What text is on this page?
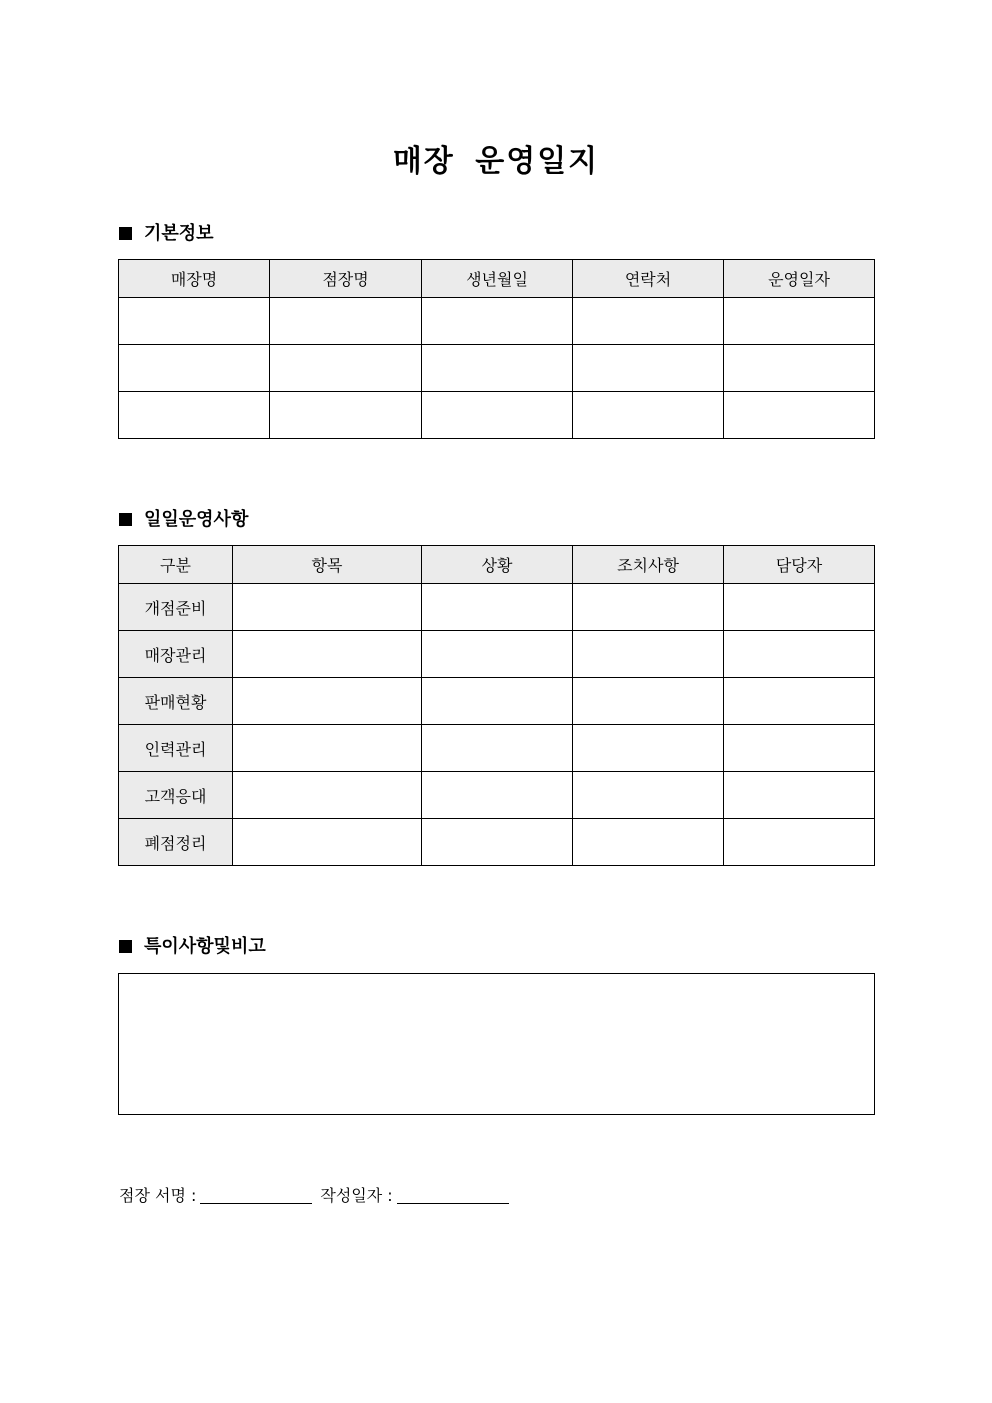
매장 운영일지
기본정보
매장명	점장명	생년월일	연락처	운영일자

일일운영사항
구분	항목	상황	조치사항	담당자
개점준비				
매장관리				
판매현황				
인력관리				
고객응대				
폐점정리				
특이사항및비고
점장 서명 :	작성일자 :
